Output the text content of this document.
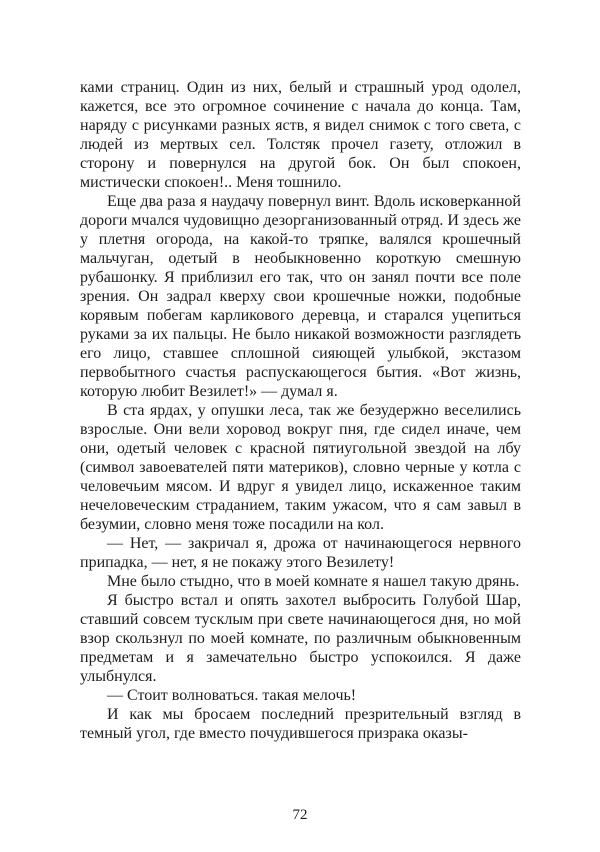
ками страниц. Один из них, белый и страшный урод одолел, кажется, все это огромное сочинение с начала до конца. Там, наряду с рисунками разных яств, я видел снимок с того света, с людей из мертвых сел. Толстяк прочел газету, отложил в сторону и повернулся на другой бок. Он был спокоен, мистически спокоен!.. Меня тошнило.

Еще два раза я наудачу повернул винт. Вдоль исковерканной дороги мчался чудовищно дезорганизованный отряд. И здесь же у плетня огорода, на какой-то тряпке, валялся крошечный мальчуган, одетый в необыкновенно короткую смешную рубашонку. Я приблизил его так, что он занял почти все поле зрения. Он задрал кверху свои крошечные ножки, подобные корявым побегам карликового деревца, и старался уцепиться руками за их пальцы. Не было никакой возможности разглядеть его лицо, ставшее сплошной сияющей улыбкой, экстазом первобытного счастья распускающегося бытия. «Вот жизнь, которую любит Везилет!» — думал я.

В ста ярдах, у опушки леса, так же безудержно веселились взрослые. Они вели хоровод вокруг пня, где сидел иначе, чем они, одетый человек с красной пятиугольной звездой на лбу (символ завоевателей пяти материков), словно черные у котла с человечьим мясом. И вдруг я увидел лицо, искаженное таким нечеловеческим страданием, таким ужасом, что я сам завыл в безумии, словно меня тоже посадили на кол.

— Нет, — закричал я, дрожа от начинающегося нервного припадка, — нет, я не покажу этого Везилету!

Мне было стыдно, что в моей комнате я нашел такую дрянь.

Я быстро встал и опять захотел выбросить Голубой Шар, ставший совсем тусклым при свете начинающегося дня, но мой взор скользнул по моей комнате, по различным обыкновенным предметам и я замечательно быстро успокоился. Я даже улыбнулся.

— Стоит волноваться. такая мелочь!

И как мы бросаем последний презрительный взгляд в темный угол, где вместо почудившегося призрака оказы-

72
